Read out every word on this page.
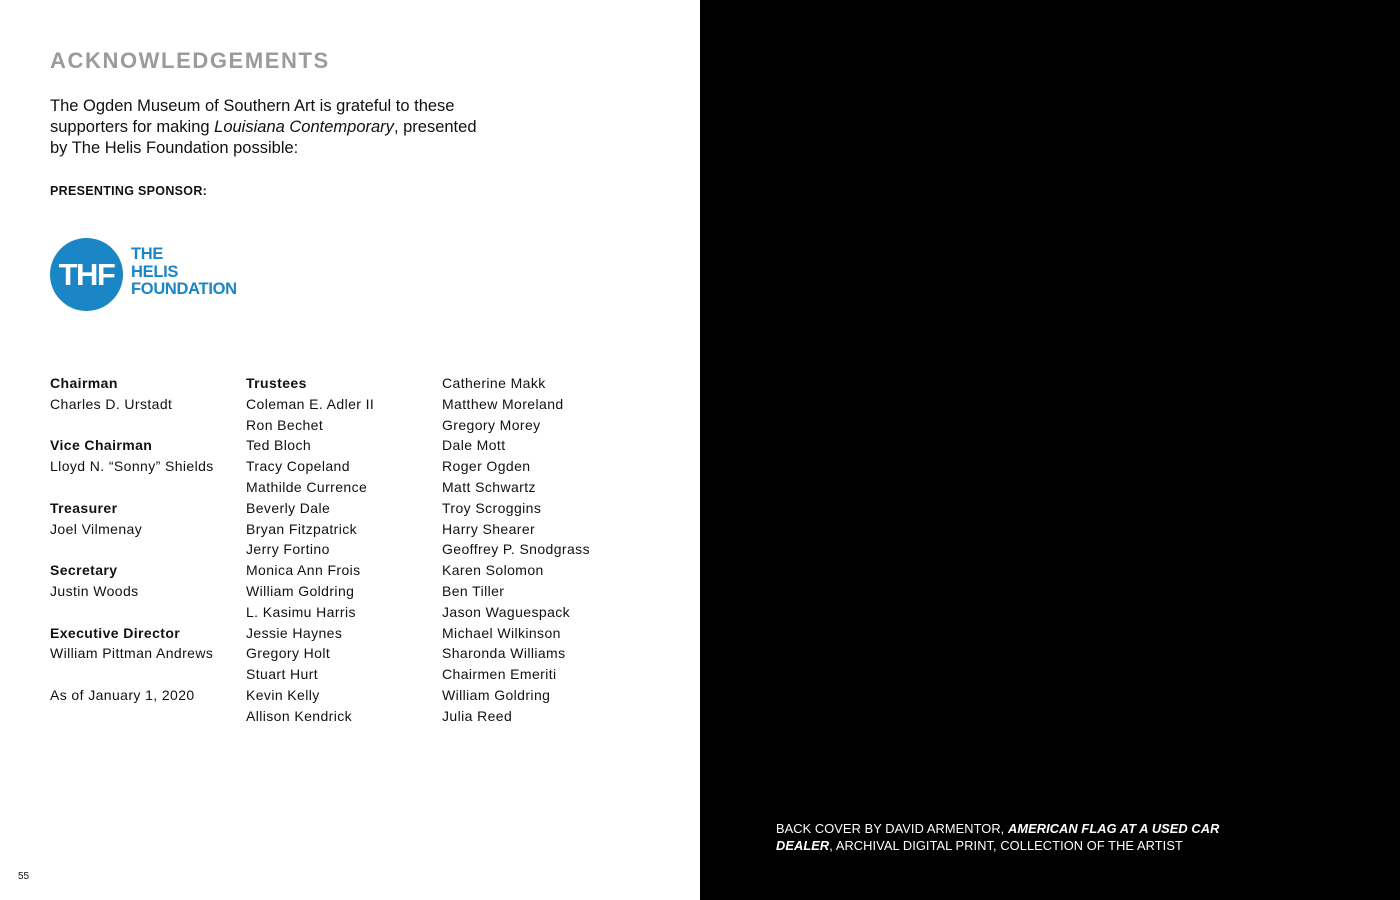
ACKNOWLEDGEMENTS

The Ogden Museum of Southern Art is grateful to these supporters for making Louisiana Contemporary, presented by The Helis Foundation possible:

PRESENTING SPONSOR:

THF
THE
HELIS
FOUNDATION
Chairman
Charles D. Urstadt
Vice Chairman
Lloyd N. “Sonny” Shields
Treasurer
Joel Vilmenay
Secretary
Justin Woods
Executive Director
William Pittman Andrews
As of January 1, 2020
Trustees
Coleman E. Adler II
Ron Bechet
Ted Bloch
Tracy Copeland
Mathilde Currence
Beverly Dale
Bryan Fitzpatrick
Jerry Fortino
Monica Ann Frois
William Goldring
L. Kasimu Harris
Jessie Haynes
Gregory Holt
Stuart Hurt
Kevin Kelly
Allison Kendrick
Catherine Makk
Matthew Moreland
Gregory Morey
Dale Mott
Roger Ogden
Matt Schwartz
Troy Scroggins
Harry Shearer
Geoffrey P. Snodgrass
Karen Solomon
Ben Tiller
Jason Waguespack
Michael Wilkinson
Sharonda Williams
Chairmen Emeriti
William Goldring
Julia Reed
55
BACK COVER BY DAVID ARMENTOR, AMERICAN FLAG AT A USED CAR DEALER, ARCHIVAL DIGITAL PRINT, COLLECTION OF THE ARTIST
